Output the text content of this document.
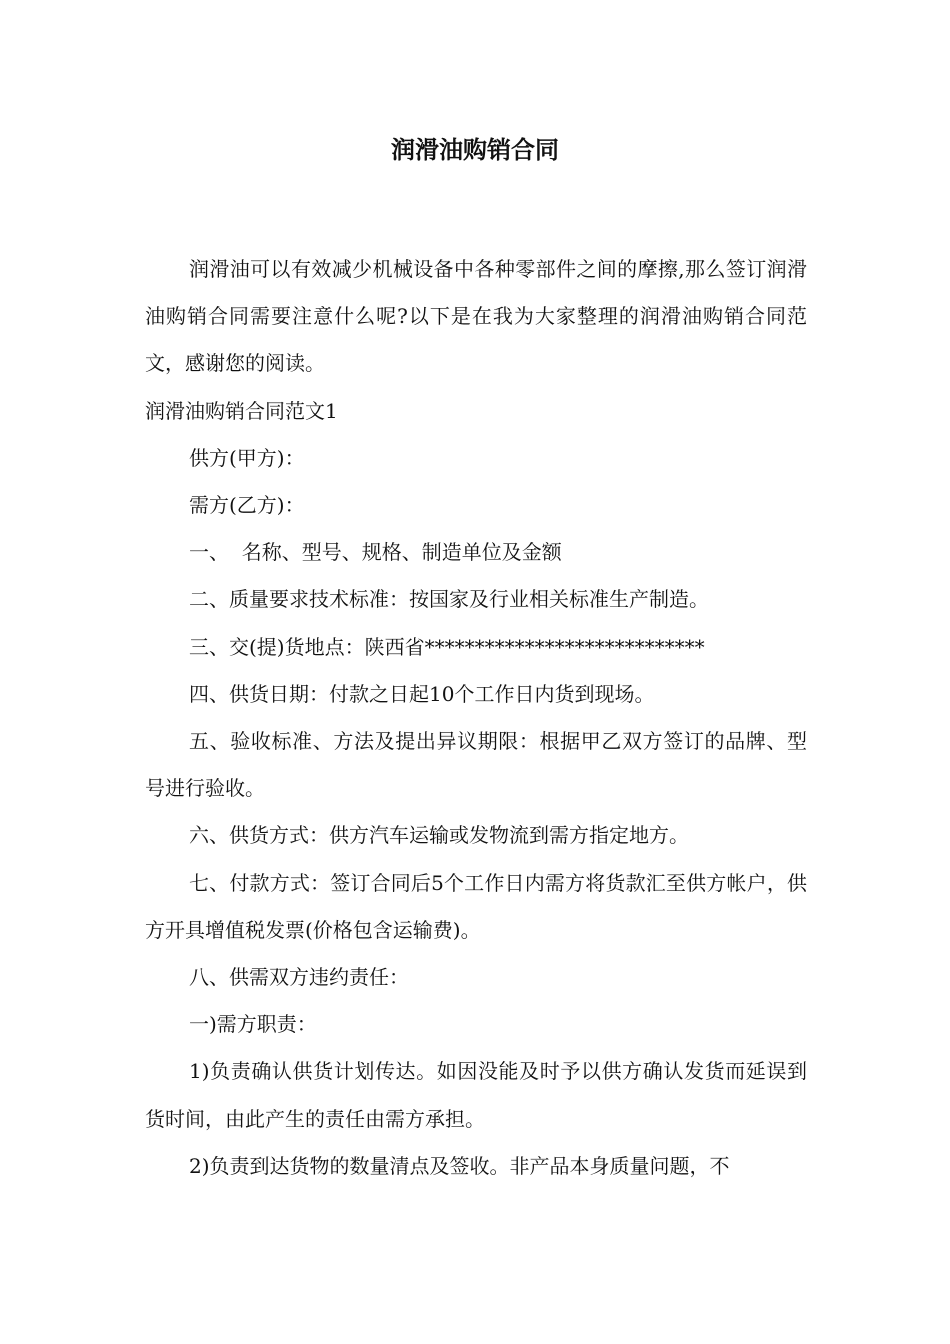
润滑油购销合同

润滑油可以有效减少机械设备中各种零部件之间的摩擦,那么签订润滑油购销合同需要注意什么呢?以下是在我为大家整理的润滑油购销合同范文，感谢您的阅读。

润滑油购销合同范文1

供方(甲方)：

需方(乙方)：

一、  名称、型号、规格、制造单位及金额

二、质量要求技术标准：按国家及行业相关标准生产制造。

三、交(提)货地点：陕西省****************************

四、供货日期：付款之日起10个工作日内货到现场。

五、验收标准、方法及提出异议期限：根据甲乙双方签订的品牌、型号进行验收。

六、供货方式：供方汽车运输或发物流到需方指定地方。

七、付款方式：签订合同后5个工作日内需方将货款汇至供方帐户，供方开具增值税发票(价格包含运输费)。

八、供需双方违约责任：

一)需方职责：

1)负责确认供货计划传达。如因没能及时予以供方确认发货而延误到货时间，由此产生的责任由需方承担。

2)负责到达货物的数量清点及签收。非产品本身质量问题，不
